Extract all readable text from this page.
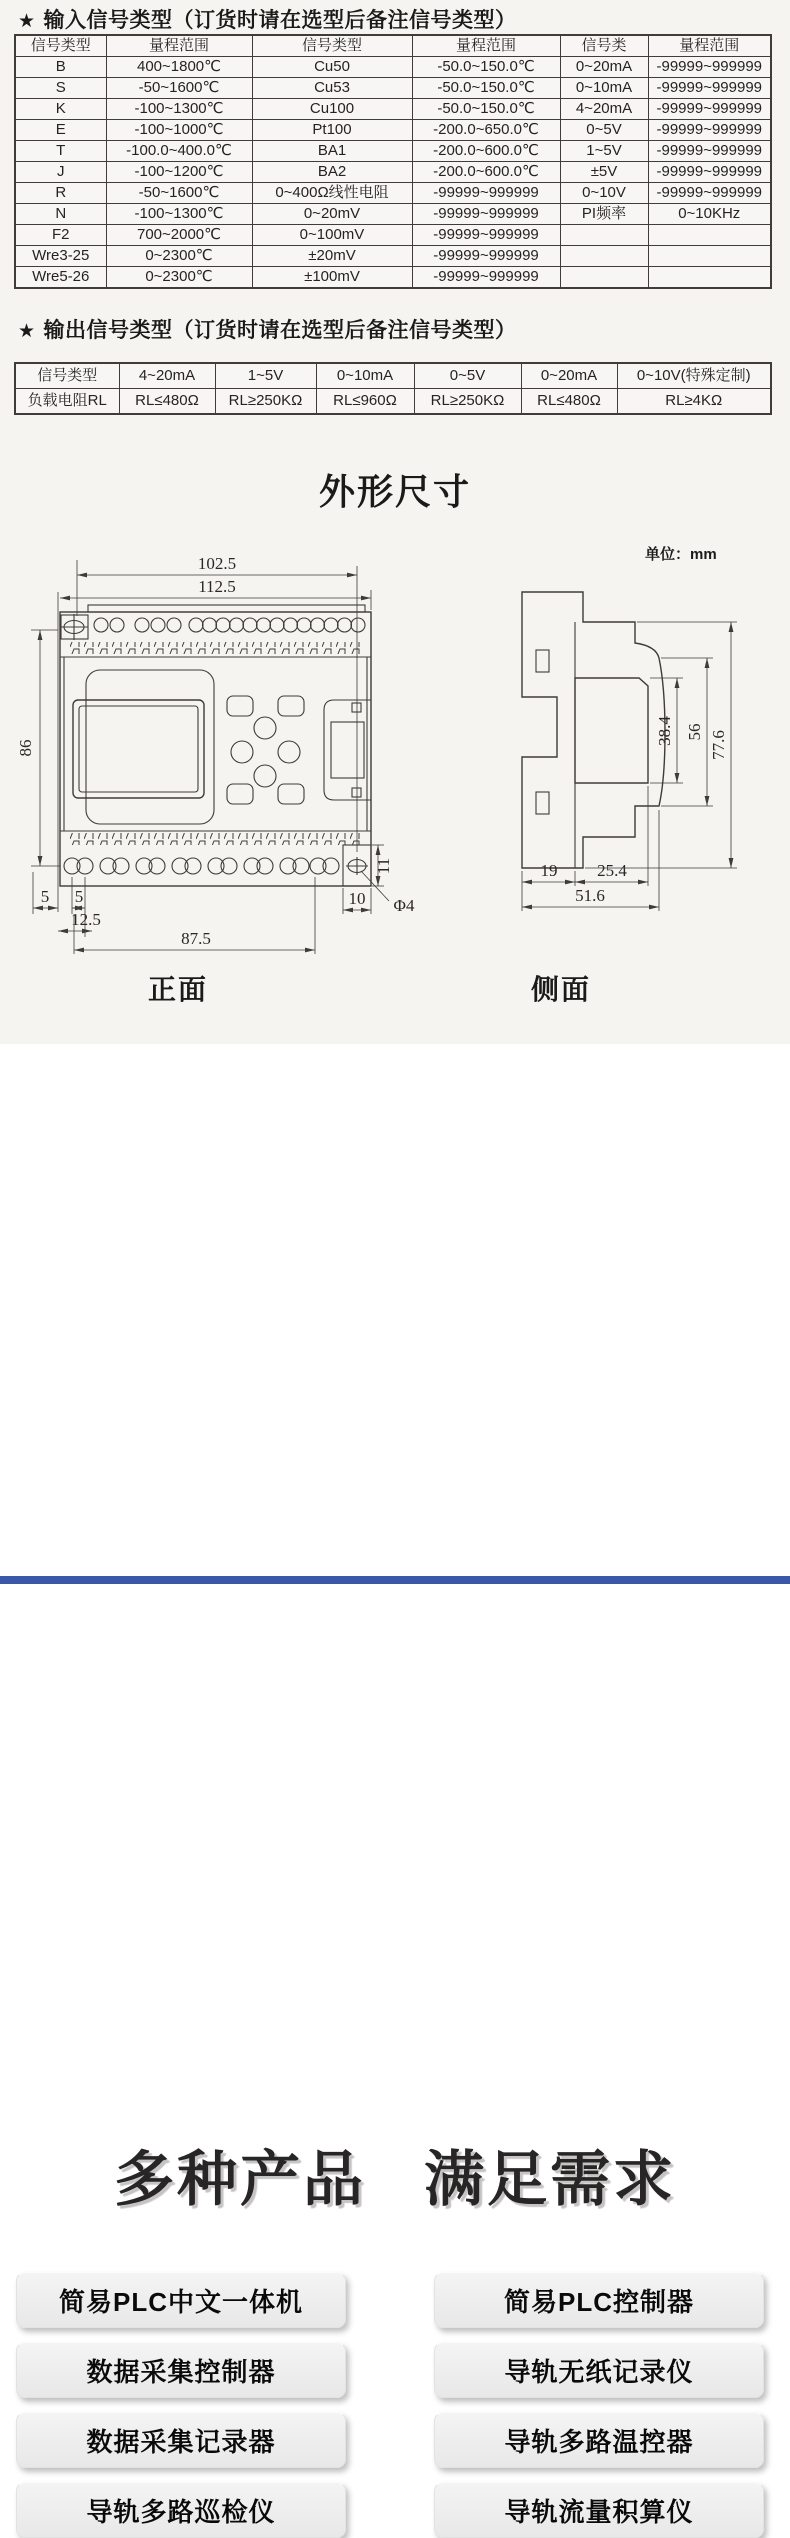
★ 输入信号类型（订货时请在选型后备注信号类型）
信号类型	量程范围	信号类型	量程范围	信号类	量程范围
B	400~1800℃	Cu50	-50.0~150.0℃	0~20mA	-99999~999999
S	-50~1600℃	Cu53	-50.0~150.0℃	0~10mA	-99999~999999
K	-100~1300℃	Cu100	-50.0~150.0℃	4~20mA	-99999~999999
E	-100~1000℃	Pt100	-200.0~650.0℃	0~5V	-99999~999999
T	-100.0~400.0℃	BA1	-200.0~600.0℃	1~5V	-99999~999999
J	-100~1200℃	BA2	-200.0~600.0℃	±5V	-99999~999999
R	-50~1600℃	0~400Ω线性电阻	-99999~999999	0~10V	-99999~999999
N	-100~1300℃	0~20mV	-99999~999999	PI频率	0~10KHz
F2	700~2000℃	0~100mV	-99999~999999		
Wre3-25	0~2300℃	±20mV	-99999~999999		
Wre5-26	0~2300℃	±100mV	-99999~999999		
★ 输出信号类型（订货时请在选型后备注信号类型）
信号类型	4~20mA	1~5V	0~10mA	0~5V	0~20mA	0~10V(特殊定制)
负载电阻RL	RL≤480Ω	RL≥250KΩ	RL≤960Ω	RL≥250KΩ	RL≤480Ω	RL≥4KΩ
外形尺寸
单位：mm
102.5
112.5
86
5 5
12.5
87.5
10
11
Φ4
19 25.4
51.6
38.4 56 77.6
正面	侧面
多种产品 满足需求
简易PLC中文一体机	简易PLC控制器
数据采集控制器	导轨无纸记录仪
数据采集记录器	导轨多路温控器
导轨多路巡检仪	导轨流量积算仪
